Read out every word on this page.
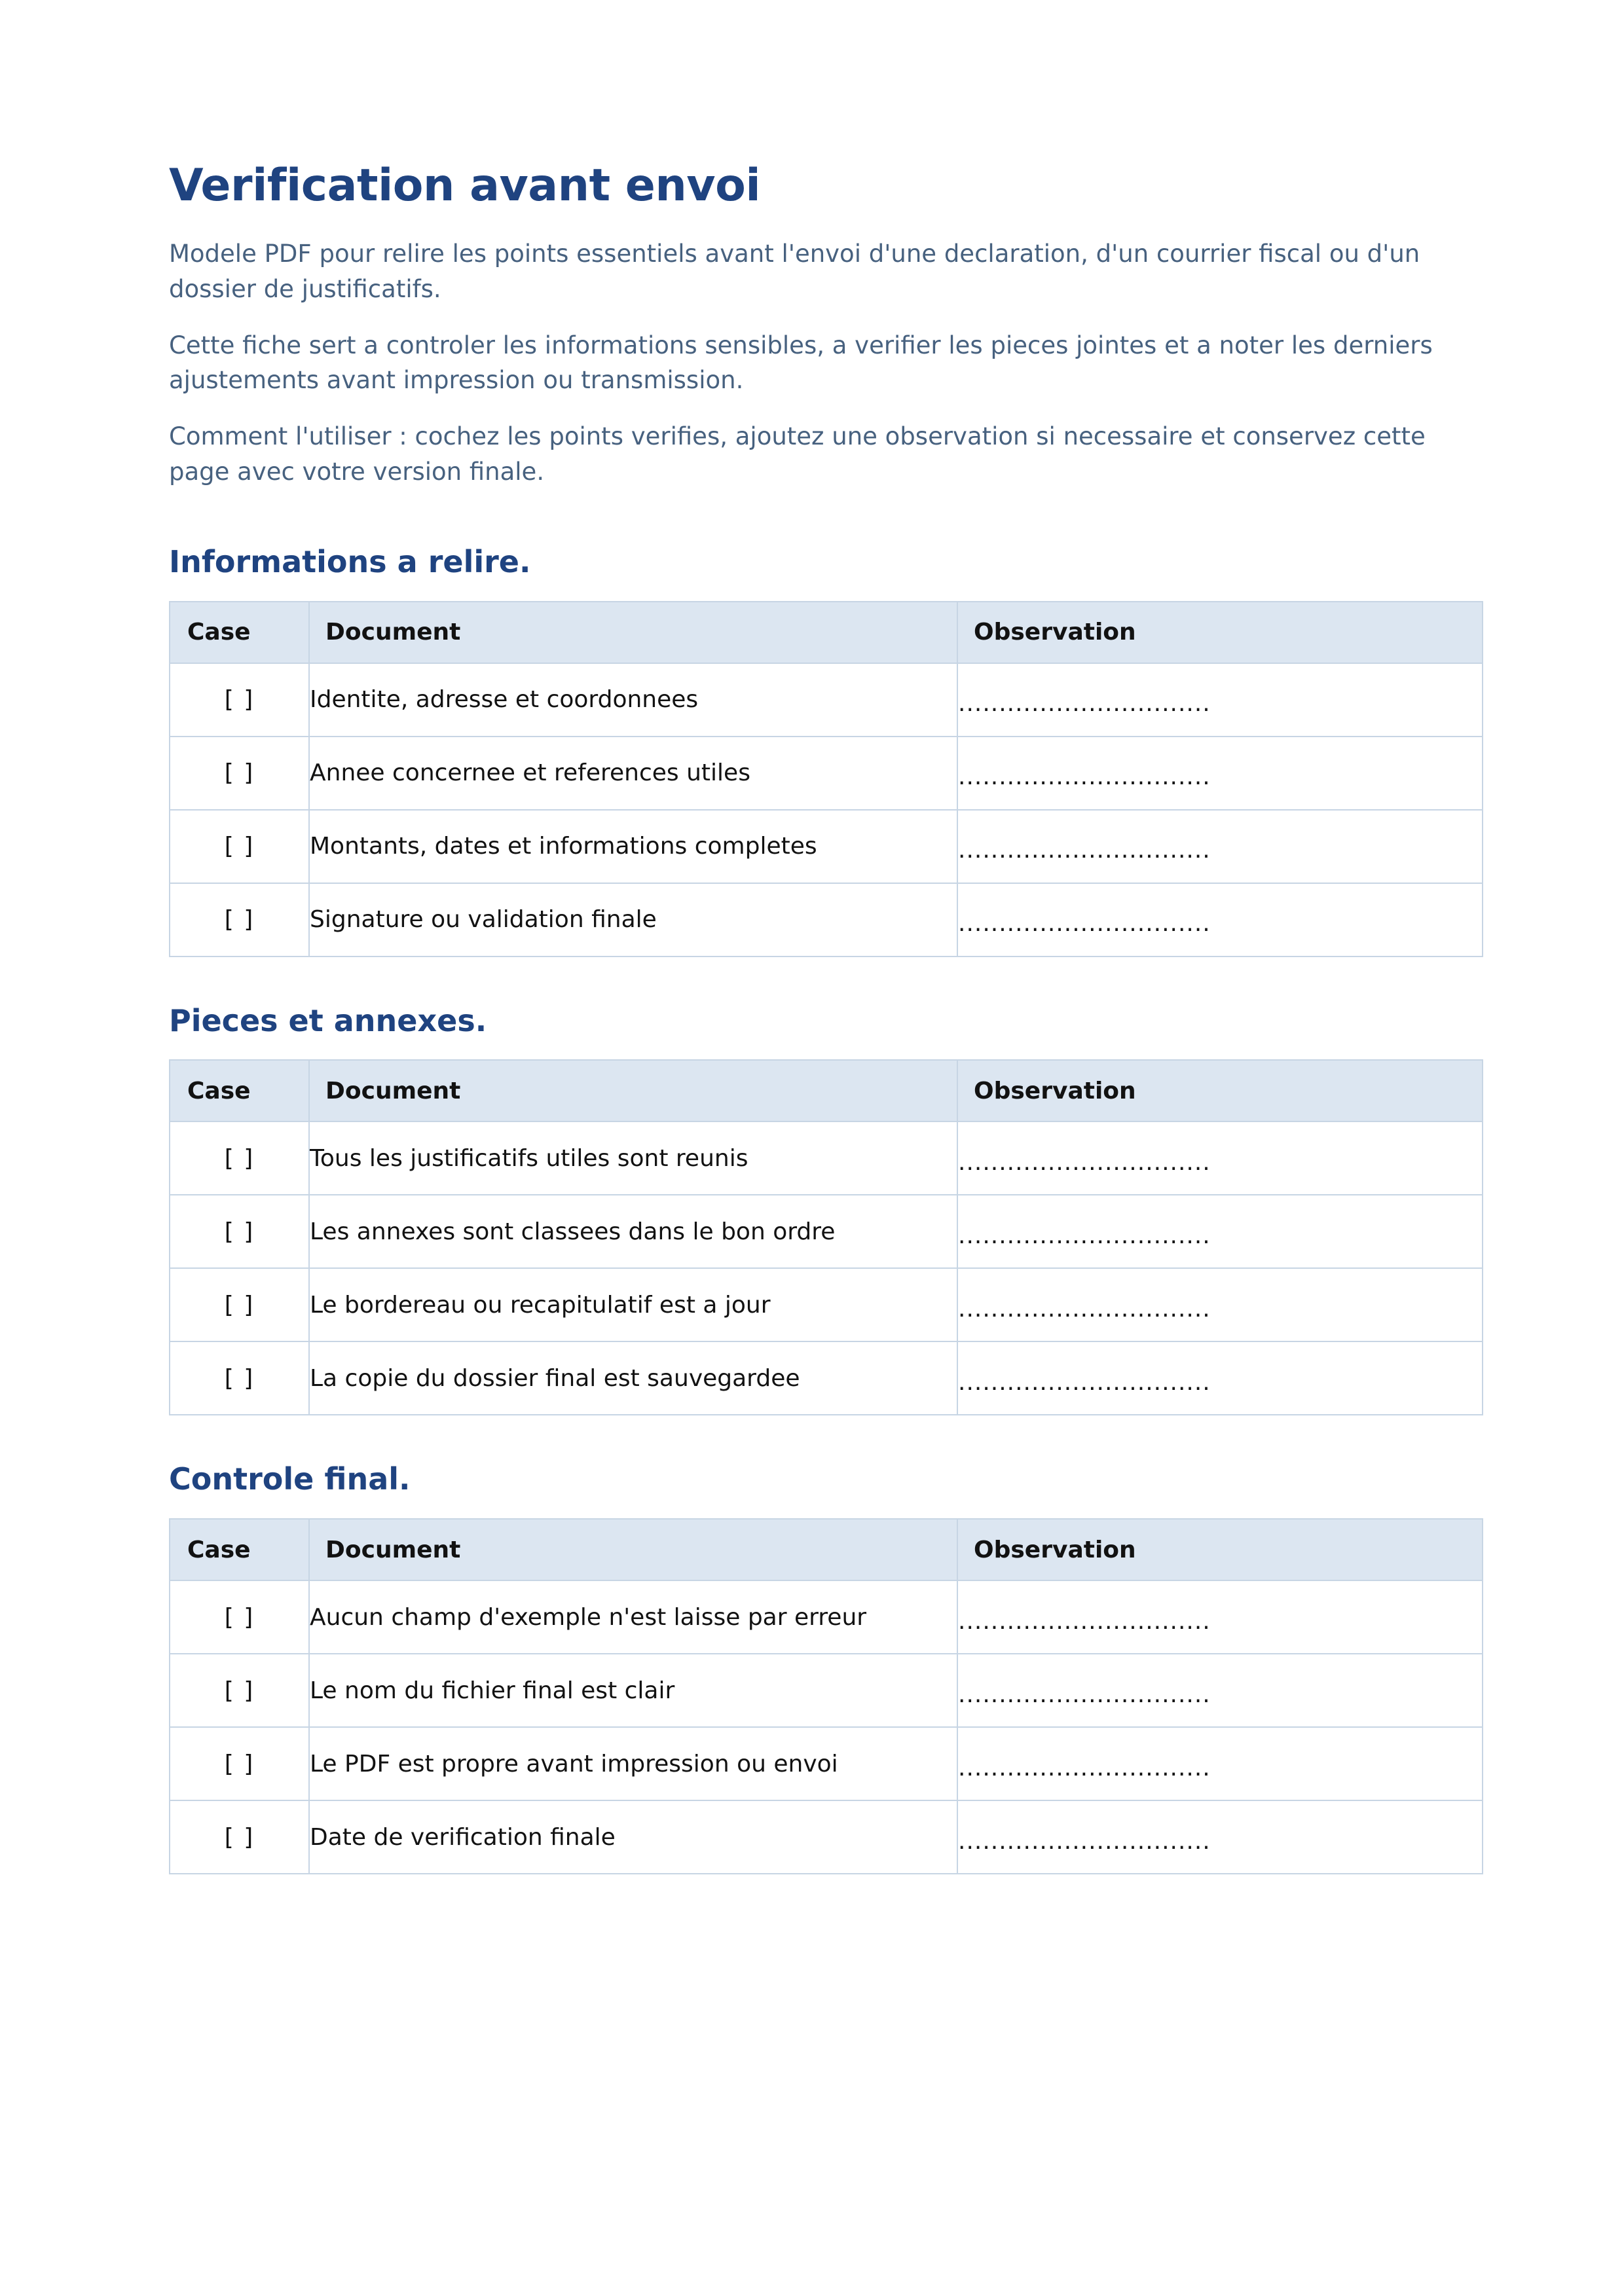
Verification avant envoi

Modele PDF pour relire les points essentiels avant l'envoi d'une declaration, d'un courrier fiscal ou d'un dossier de justificatifs.

Cette fiche sert a controler les informations sensibles, a verifier les pieces jointes et a noter les derniers ajustements avant impression ou transmission.

Comment l'utiliser : cochez les points verifies, ajoutez une observation si necessaire et conservez cette page avec votre version finale.

Informations a relire.
Case	Document	Observation
[ ]	Identite, adresse et coordonnees	...............................
[ ]	Annee concernee et references utiles	...............................
[ ]	Montants, dates et informations completes	...............................
[ ]	Signature ou validation finale	...............................
Pieces et annexes.
Case	Document	Observation
[ ]	Tous les justificatifs utiles sont reunis	...............................
[ ]	Les annexes sont classees dans le bon ordre	...............................
[ ]	Le bordereau ou recapitulatif est a jour	...............................
[ ]	La copie du dossier final est sauvegardee	...............................
Controle final.
Case	Document	Observation
[ ]	Aucun champ d'exemple n'est laisse par erreur	...............................
[ ]	Le nom du fichier final est clair	...............................
[ ]	Le PDF est propre avant impression ou envoi	...............................
[ ]	Date de verification finale	...............................
